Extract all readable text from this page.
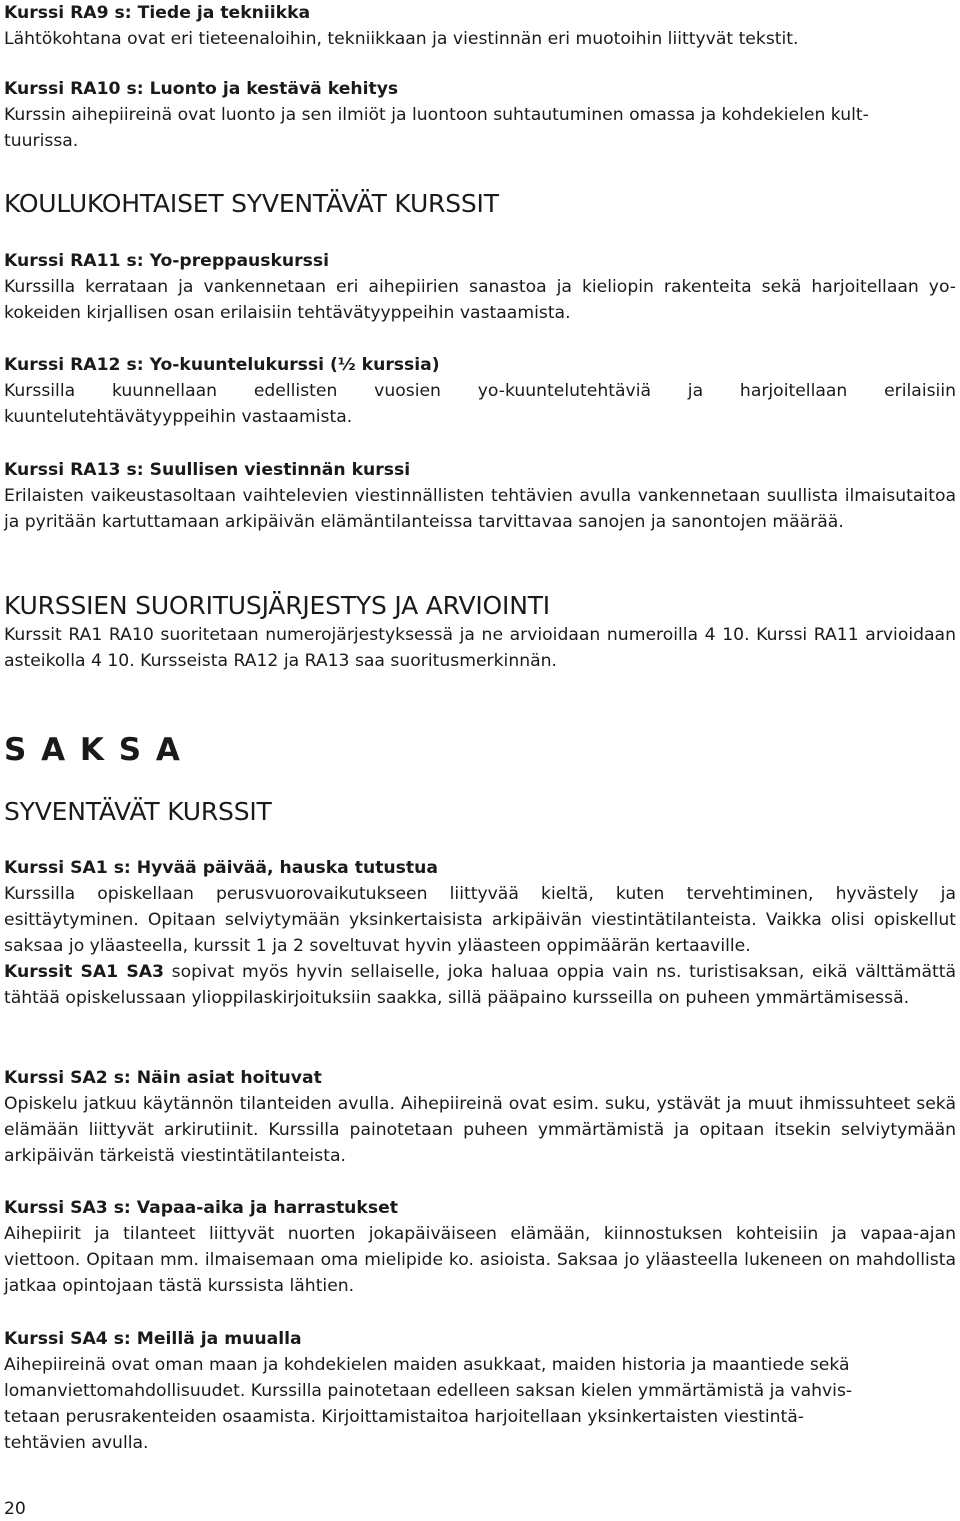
Kurssi RA9 s: Tiede ja tekniikka

Lähtökohtana ovat eri tieteenaloihin, tekniikkaan ja viestinnän eri muotoihin liittyvät tekstit.

Kurssi RA10 s: Luonto ja kestävä kehitys

Kurssin aihepiireinä ovat luonto ja sen ilmiöt ja luontoon suhtautuminen omassa ja kohdekielen kult-

tuurissa.

KOULUKOHTAISET SYVENTÄVÄT KURSSIT

Kurssi RA11 s: Yo-preppauskurssi

Kurssilla kerrataan ja vankennetaan eri aihepiirien sanastoa ja kieliopin rakenteita sekä harjoitellaan yo-kokeiden kirjallisen osan erilaisiin tehtävätyyppeihin vastaamista.

Kurssi RA12 s: Yo-kuuntelukurssi (½ kurssia)

Kurssilla kuunnellaan edellisten vuosien yo-kuuntelutehtäviä ja harjoitellaan erilaisiin kuuntelutehtävätyyppeihin vastaamista.

Kurssi RA13 s: Suullisen viestinnän kurssi

Erilaisten vaikeustasoltaan vaihtelevien viestinnällisten tehtävien avulla vankennetaan suullista ilmaisutaitoa ja pyritään kartuttamaan arkipäivän elämäntilanteissa tarvittavaa sanojen ja sanontojen määrää.

KURSSIEN SUORITUSJÄRJESTYS JA ARVIOINTI

Kurssit RA1 RA10 suoritetaan numerojärjestyksessä ja ne arvioidaan numeroilla 4 10. Kurssi RA11 arvioidaan asteikolla 4 10. Kursseista RA12 ja RA13 saa suoritusmerkinnän.

S A K S A
SYVENTÄVÄT KURSSIT

Kurssi SA1 s: Hyvää päivää, hauska tutustua

Kurssilla opiskellaan perusvuorovaikutukseen liittyvää kieltä, kuten tervehtiminen, hyvästely ja esittäytyminen. Opitaan selviytymään yksinkertaisista arkipäivän viestintätilanteista. Vaikka olisi opiskellut saksaa jo yläasteella, kurssit 1 ja 2 soveltuvat hyvin yläasteen oppimäärän kertaaville.
Kurssit SA1 SA3 sopivat myös hyvin sellaiselle, joka haluaa oppia vain ns. turistisaksan, eikä välttämättä tähtää opiskelussaan ylioppilaskirjoituksiin saakka, sillä pääpaino kursseilla on puheen ymmärtämisessä.

Kurssi SA2 s: Näin asiat hoituvat

Opiskelu jatkuu käytännön tilanteiden avulla. Aihepiireinä ovat esim. suku, ystävät ja muut ihmissuhteet sekä elämään liittyvät arkirutiinit. Kurssilla painotetaan puheen ymmärtämistä ja opitaan itsekin selviytymään arkipäivän tärkeistä viestintätilanteista.

Kurssi SA3 s: Vapaa-aika ja harrastukset

Aihepiirit ja tilanteet liittyvät nuorten jokapäiväiseen elämään, kiinnostuksen kohteisiin ja vapaa-ajan viettoon. Opitaan mm. ilmaisemaan oma mielipide ko. asioista. Saksaa jo yläasteella lukeneen on mahdollista jatkaa opintojaan tästä kurssista lähtien.

Kurssi SA4 s: Meillä ja muualla

Aihepiireinä ovat oman maan ja kohdekielen maiden asukkaat, maiden historia ja maantiede sekä

lomanviettomahdollisuudet. Kurssilla painotetaan edelleen saksan kielen ymmärtämistä ja vahvis-

tetaan perusrakenteiden osaamista. Kirjoittamistaitoa harjoitellaan yksinkertaisten viestintä-

tehtävien avulla.

20
